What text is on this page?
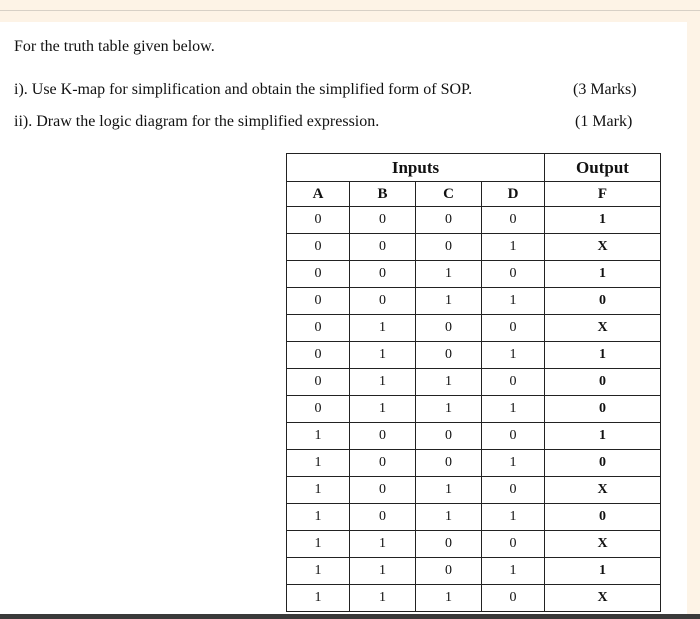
For the truth table given below.
i). Use K-map for simplification and obtain the simplified form of SOP.	(3 Marks)
ii). Draw the logic diagram for the simplified expression.	(1 Mark)
Inputs				Output
A	B	C	D	F
0	0	0	0	1
0	0	0	1	X
0	0	1	0	1
0	0	1	1	0
0	1	0	0	X
0	1	0	1	1
0	1	1	0	0
0	1	1	1	0
1	0	0	0	1
1	0	0	1	0
1	0	1	0	X
1	0	1	1	0
1	1	0	0	X
1	1	0	1	1
1	1	1	0	X
